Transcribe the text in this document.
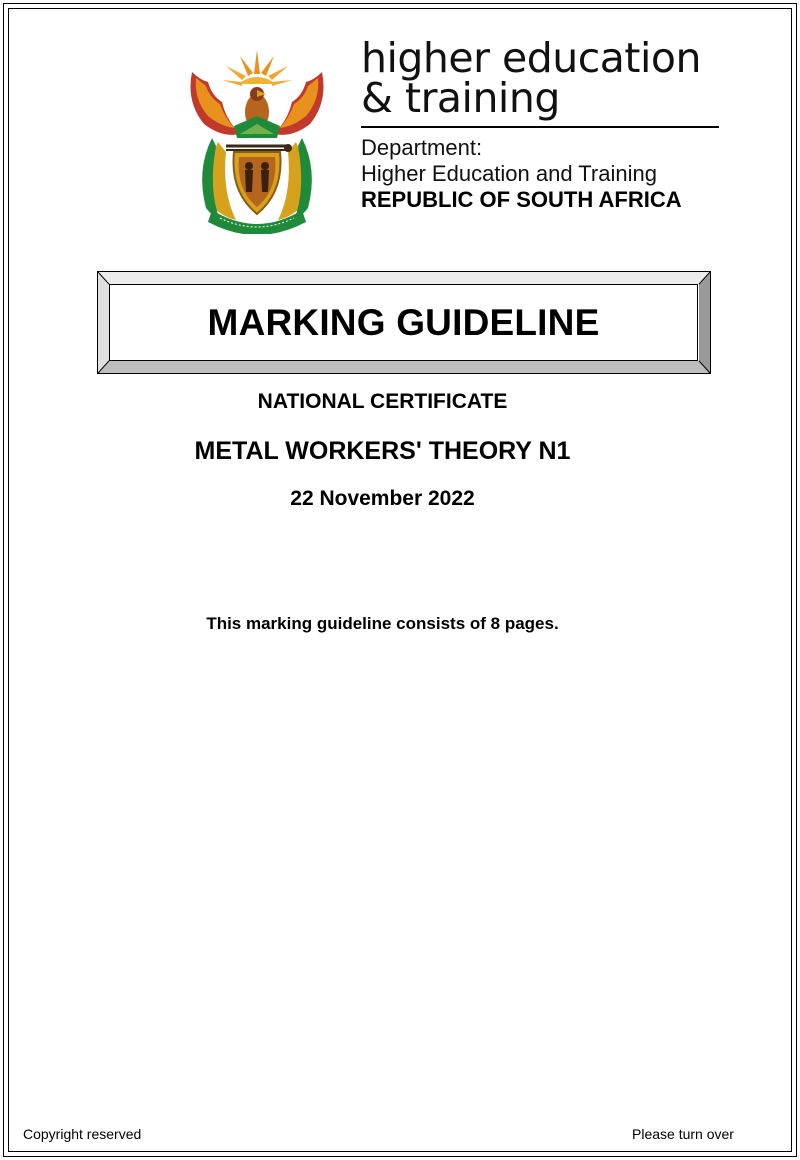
higher education
& training
Department:
Higher Education and Training
REPUBLIC OF SOUTH AFRICA
MARKING GUIDELINE
NATIONAL CERTIFICATE
METAL WORKERS' THEORY N1
22 November 2022
This marking guideline consists of 8 pages.
Copyright reserved	Please turn over
